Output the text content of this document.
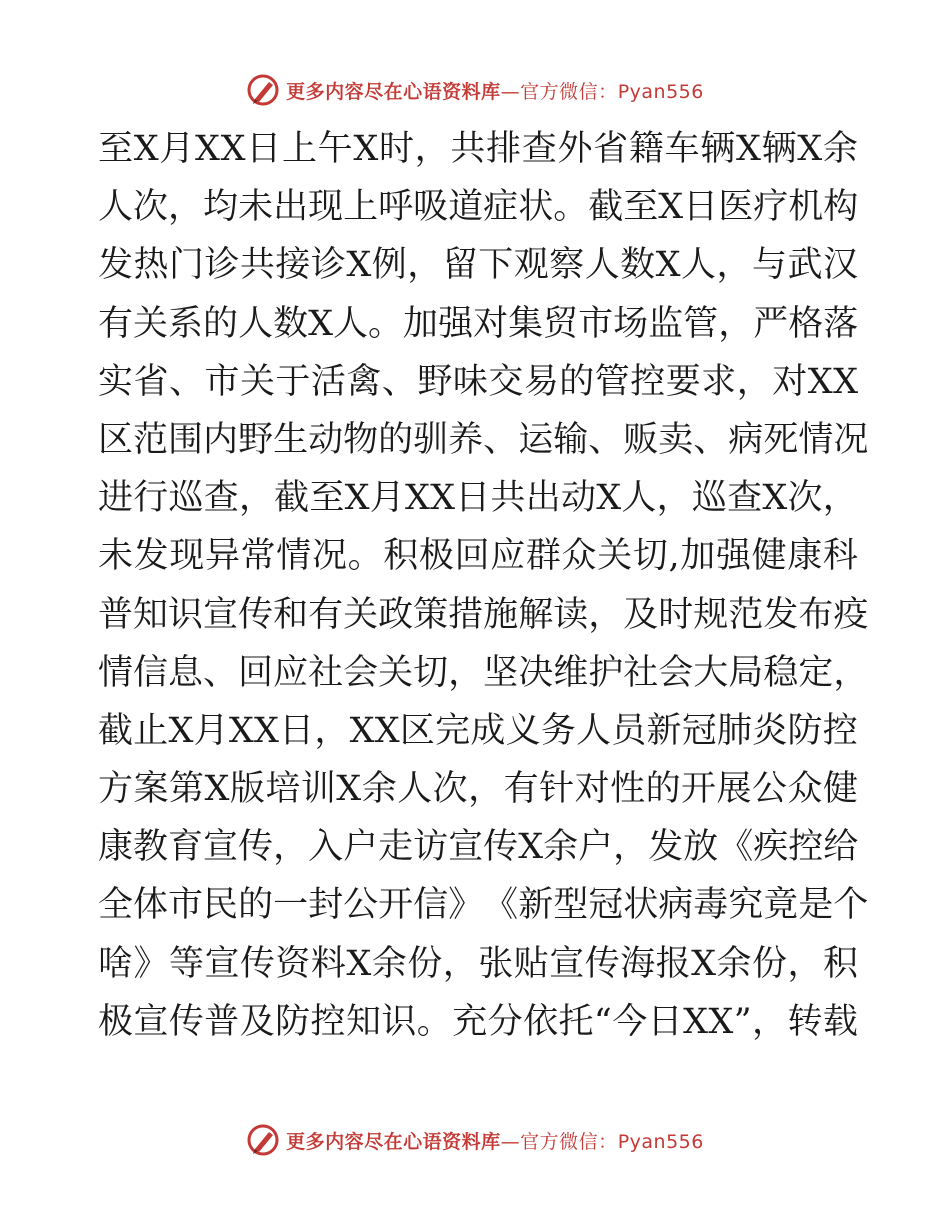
更多内容尽在心语资料库—官方微信：Pyan556
至 X 月 X X 日 上 午 X 时 ， 共 排 查 外 省 籍 车 辆 X 辆 X 余
人 次 ， 均 未 出 现 上 呼 吸 道 症 状 。 截 至 X 日 医 疗 机 构
发 热 门 诊 共 接 诊 X 例 ， 留 下 观 察 人 数 X 人 ， 与 武 汉
有 关 系 的 人 数 X 人 。 加 强 对 集 贸 市 场 监 管 ， 严 格 落
实 省 、 市 关 于 活 禽 、 野 味 交 易 的 管 控 要 求 ， 对 X X
区 范 围 内 野 生 动 物 的 驯 养 、 运 输 、 贩 卖 、 病 死 情 况
进 行 巡 查 ， 截 至 X 月 X X 日 共 出 动 X 人 ， 巡 查 X 次 ，
未 发 现 异 常 情 况 。 积 极 回 应 群 众 关 切 , 加 强 健 康 科
普 知 识 宣 传 和 有 关 政 策 措 施 解 读 ， 及 时 规 范 发 布 疫
情 信 息 、 回 应 社 会 关 切 ， 坚 决 维 护 社 会 大 局 稳 定 ，
截 止 X 月 X X 日 ， X X 区 完 成 义 务 人 员 新 冠 肺 炎 防 控
方 案 第 X 版 培 训 X 余 人 次 ， 有 针 对 性 的 开 展 公 众 健
康 教 育 宣 传 ， 入 户 走 访 宣 传 X 余 户 ， 发 放 《 疾 控 给
全 体 市 民 的 一 封 公 开 信 》 《 新 型 冠 状 病 毒 究 竟 是 个
啥 》 等 宣 传 资 料 X 余 份 ， 张 贴 宣 传 海 报 X 余 份 ， 积
极 宣 传 普 及 防 控 知 识 。 充 分 依 托 “ 今 日 X X ” ， 转 载
更多内容尽在心语资料库—官方微信：Pyan556
